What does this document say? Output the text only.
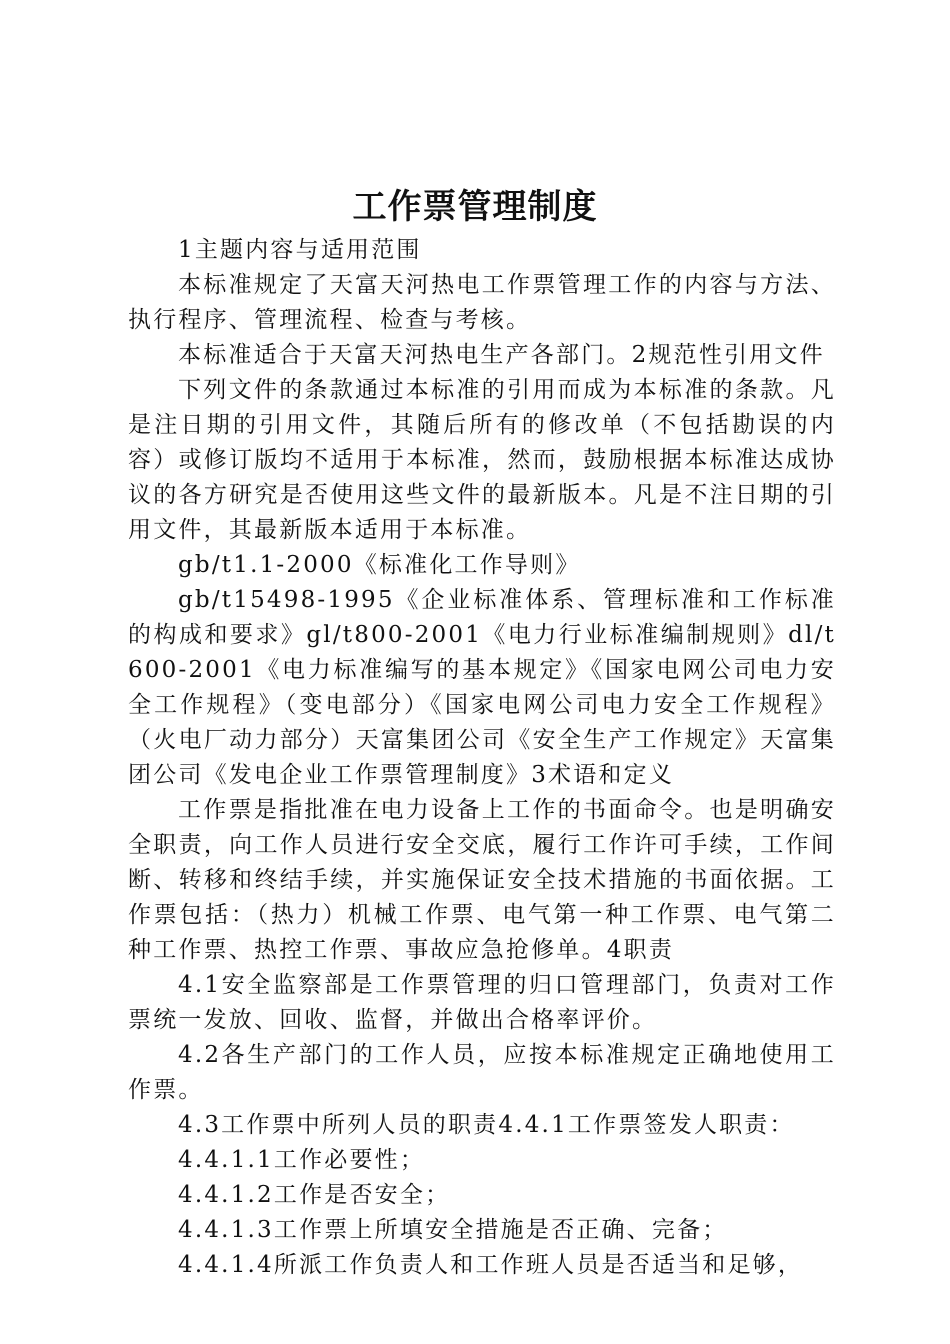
工作票管理制度

1主题内容与适用范围

本标准规定了天富天河热电工作票管理工作的内容与方法、执行程序、管理流程、检查与考核。

本标准适合于天富天河热电生产各部门。2规范性引用文件

下列文件的条款通过本标准的引用而成为本标准的条款。凡是注日期的引用文件，其随后所有的修改单（不包括勘误的内容）或修订版均不适用于本标准，然而，鼓励根据本标准达成协议的各方研究是否使用这些文件的最新版本。凡是不注日期的引用文件，其最新版本适用于本标准。

gb/t1.1-2000《标准化工作导则》

gb/t15498-1995《企业标准体系、管理标准和工作标准的构成和要求》gl/t800-2001《电力行业标准编制规则》dl/t600-2001《电力标准编写的基本规定》《国家电网公司电力安全工作规程》（变电部分）《国家电网公司电力安全工作规程》（火电厂动力部分）天富集团公司《安全生产工作规定》天富集团公司《发电企业工作票管理制度》3术语和定义

工作票是指批准在电力设备上工作的书面命令。也是明确安全职责，向工作人员进行安全交底，履行工作许可手续，工作间断、转移和终结手续，并实施保证安全技术措施的书面依据。工作票包括：（热力）机械工作票、电气第一种工作票、电气第二种工作票、热控工作票、事故应急抢修单。4职责

4.1安全监察部是工作票管理的归口管理部门，负责对工作票统一发放、回收、监督，并做出合格率评价。

4.2各生产部门的工作人员，应按本标准规定正确地使用工作票。

4.3工作票中所列人员的职责4.4.1工作票签发人职责：

4.4.1.1工作必要性；

4.4.1.2工作是否安全；

4.4.1.3工作票上所填安全措施是否正确、完备；

4.4.1.4所派工作负责人和工作班人员是否适当和足够，
